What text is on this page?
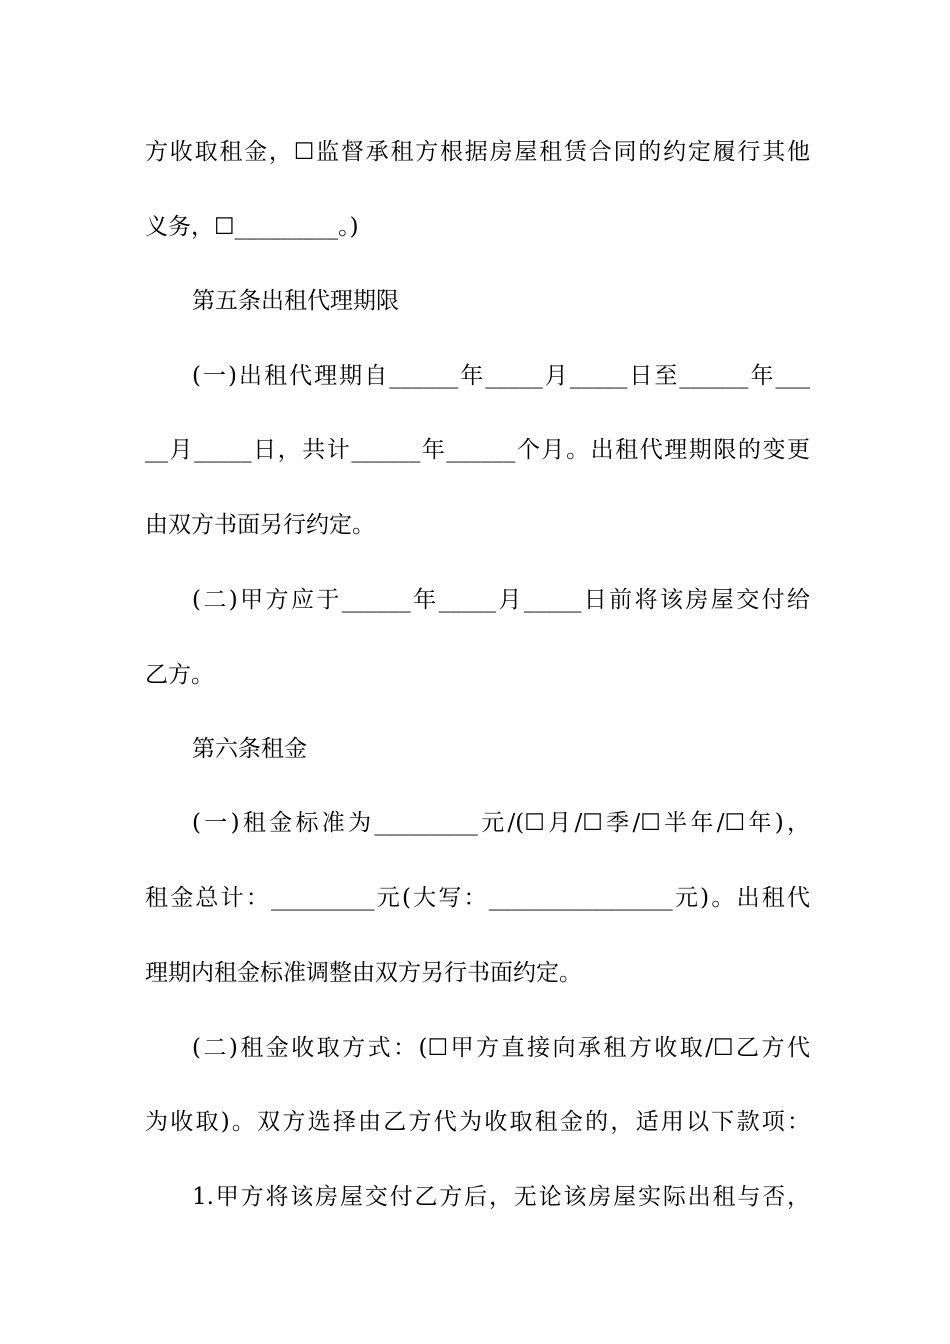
方收取租金，☐监督承租方根据房屋租赁合同的约定履行其他
义务，☐_________。)
第五条出租代理期限
(一)出租代理期自______年_____月_____日至______年___
__月_____日，共计______年______个月。出租代理期限的变更
由双方书面另行约定。
(二)甲方应于______年_____月_____日前将该房屋交付给
乙方。
第六条租金
(一)租金标准为_________元/(☐月/☐季/☐半年/☐年)，
租金总计：_________元(大写：________________元)。出租代
理期内租金标准调整由双方另行书面约定。
(二)租金收取方式：(☐甲方直接向承租方收取/☐乙方代
为收取)。双方选择由乙方代为收取租金的，适用以下款项：
1.甲方将该房屋交付乙方后，无论该房屋实际出租与否，
